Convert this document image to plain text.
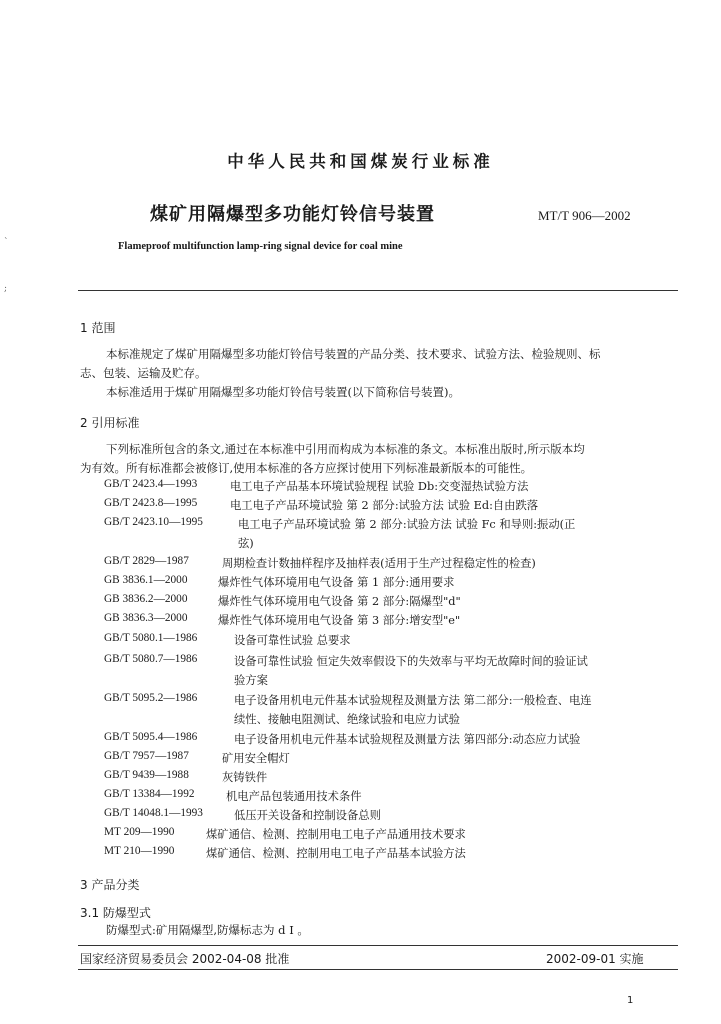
`
;
中华人民共和国煤炭行业标准
煤矿用隔爆型多功能灯铃信号装置	MT/T 906—2002
Flameproof multifunction lamp-ring signal device for coal mine
1 范围
本标准规定了煤矿用隔爆型多功能灯铃信号装置的产品分类、技术要求、试验方法、检验规则、标
志、包装、运输及贮存。
本标准适用于煤矿用隔爆型多功能灯铃信号装置(以下简称信号装置)。
2 引用标准
下列标准所包含的条文,通过在本标准中引用而构成为本标准的条文。本标准出版时,所示版本均
为有效。所有标准都会被修订,使用本标准的各方应探讨使用下列标准最新版本的可能性。
GB/T 2423.4—1993	电工电子产品基本环境试验规程 试验 Db:交变湿热试验方法
GB/T 2423.8—1995	电工电子产品环境试验 第 2 部分:试验方法 试验 Ed:自由跌落
GB/T 2423.10—1995	电工电子产品环境试验 第 2 部分:试验方法 试验 Fc 和导则:振动(正
弦)
GB/T 2829—1987	周期检查计数抽样程序及抽样表(适用于生产过程稳定性的检查)
GB 3836.1—2000	爆炸性气体环境用电气设备 第 1 部分:通用要求
GB 3836.2—2000	爆炸性气体环境用电气设备 第 2 部分:隔爆型"d"
GB 3836.3—2000	爆炸性气体环境用电气设备 第 3 部分:增安型"e"
GB/T 5080.1—1986	设备可靠性试验 总要求
GB/T 5080.7—1986	设备可靠性试验 恒定失效率假设下的失效率与平均无故障时间的验证试
验方案
GB/T 5095.2—1986	电子设备用机电元件基本试验规程及测量方法 第二部分:一般检查、电连
续性、接触电阻测试、绝缘试验和电应力试验
GB/T 5095.4—1986	电子设备用机电元件基本试验规程及测量方法 第四部分:动态应力试验
GB/T 7957—1987	矿用安全帽灯
GB/T 9439—1988	灰铸铁件
GB/T 13384—1992	机电产品包装通用技术条件
GB/T 14048.1—1993	低压开关设备和控制设备总则
MT 209—1990	煤矿通信、检测、控制用电工电子产品通用技术要求
MT 210—1990	煤矿通信、检测、控制用电工电子产品基本试验方法
3 产品分类
3.1 防爆型式
防爆型式:矿用隔爆型,防爆标志为 d I 。
国家经济贸易委员会 2002-04-08 批准	2002-09-01 实施
1
